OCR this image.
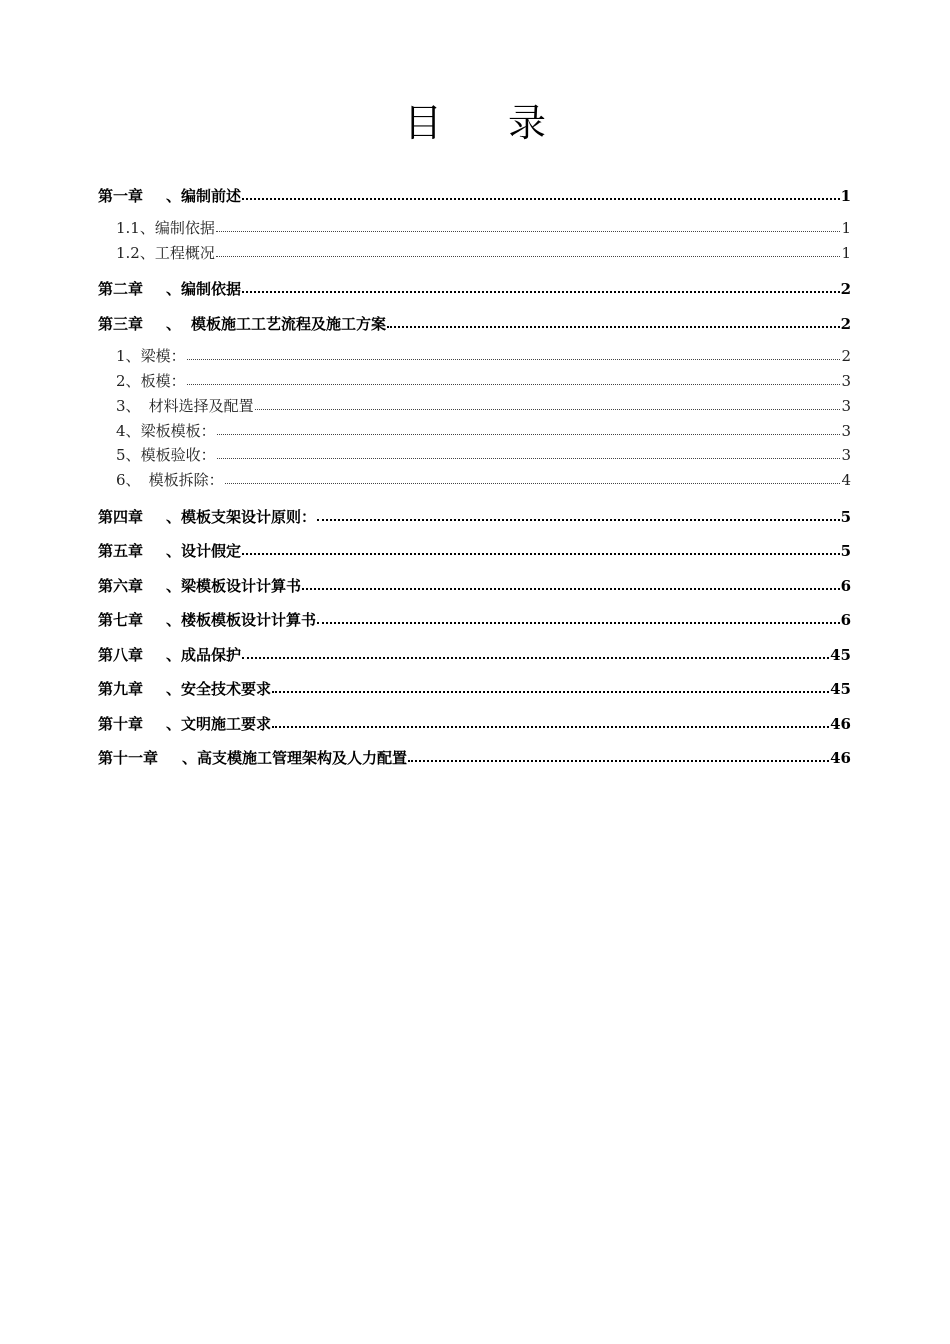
目 录
第一章 、编制前述	1
1.1、编制依据	1
1.2、工程概况	1
第二章 、编制依据	2
第三章 、 模板施工工艺流程及施工方案	2
1、梁模：	2
2、板模：	3
3、 材料选择及配置	3
4、梁板模板：	3
5、模板验收：	3
6、 模板拆除：	4
第四章 、模板支架设计原则：	5
第五章 、设计假定	5
第六章 、梁模板设计计算书	6
第七章 、楼板模板设计计算书	6
第八章 、成品保护	45
第九章 、安全技术要求	45
第十章 、文明施工要求	46
第十一章 、高支模施工管理架构及人力配置	46
